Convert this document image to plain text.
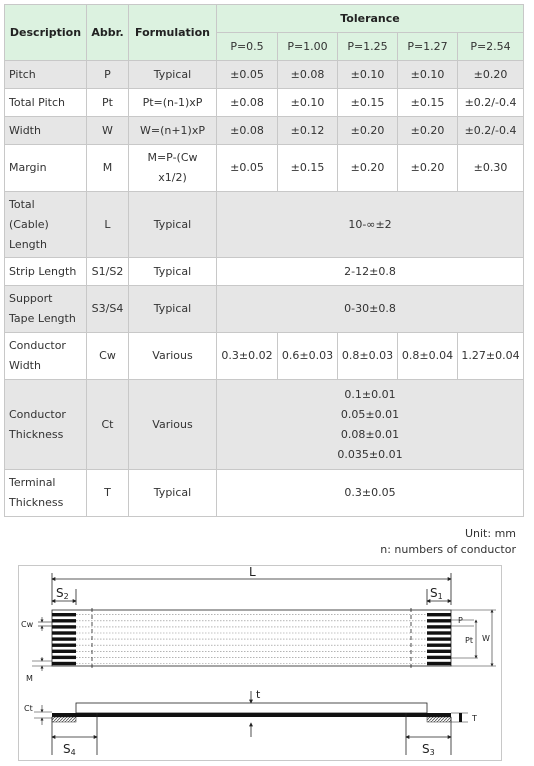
Description	Abbr.	Formulation	Tolerance				
			P=0.5	P=1.00	P=1.25	P=1.27	P=2.54

Pitch	P	Typical	±0.05	±0.08	±0.10	±0.10	±0.20

Total Pitch	Pt	Pt=(n-1)xP	±0.08	±0.10	±0.15	±0.15	±0.2/-0.4

Width	W	W=(n+1)xP	±0.08	±0.12	±0.20	±0.20	±0.2/-0.4

Margin	M	M=P-(Cw
x1/2)	±0.05	±0.15	±0.20	±0.20	±0.30

Total
(Cable)
Length	L	Typical	10-∞±2				

Strip Length	S1/S2	Typical	2-12±0.8				

Support
Tape Length	S3/S4	Typical	0-30±0.8				

Conductor
Width	Cw	Various	0.3±0.02	0.6±0.03	0.8±0.03	0.8±0.04	1.27±0.04

Conductor
Thickness	Ct	Various	0.1±0.01
0.05±0.01
0.08±0.01
0.035±0.01				

Terminal
Thickness	T	Typical	0.3±0.05				
Unit: mm
n: numbers of conductor
L
S2	S1
Cw
M
P
Pt W
Ct
t
T
S4	S3
